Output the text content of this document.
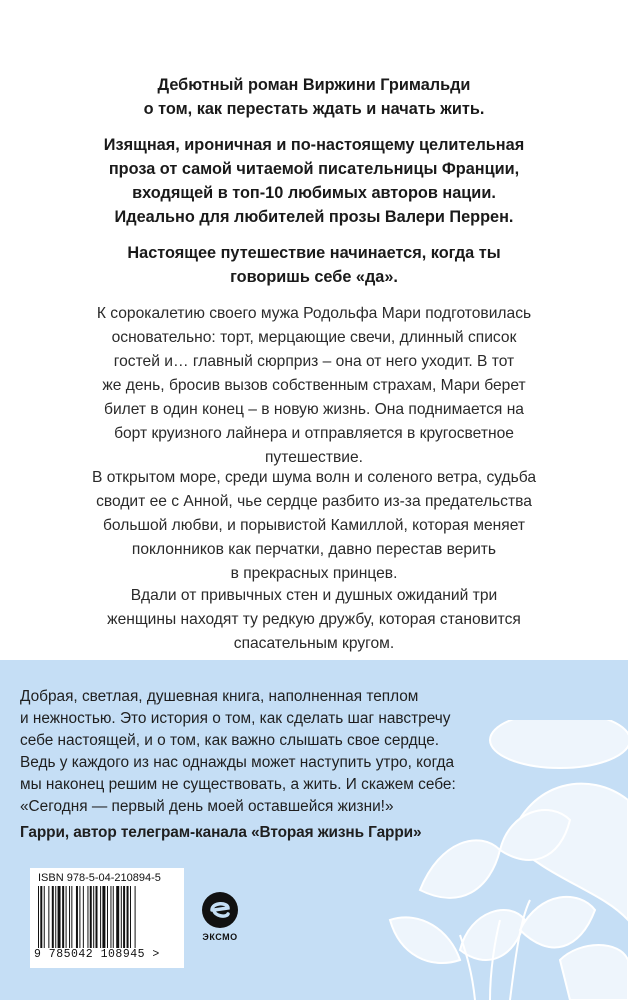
Дебютный роман Виржини Гримальди
о том, как перестать ждать и начать жить.

Изящная, ироничная и по-настоящему целительная
проза от самой читаемой писательницы Франции,
входящей в топ-10 любимых авторов нации.
Идеально для любителей прозы Валери Перрен.

Настоящее путешествие начинается, когда ты
говоришь себе «да».

К сорокалетию своего мужа Родольфа Мари подготовилась
основательно: торт, мерцающие свечи, длинный список
гостей и… главный сюрприз – она от него уходит. В тот
же день, бросив вызов собственным страхам, Мари берет
билет в один конец – в новую жизнь. Она поднимается на
борт круизного лайнера и отправляется в кругосветное
путешествие.

В открытом море, среди шума волн и соленого ветра, судьба
сводит ее с Анной, чье сердце разбито из-за предательства
большой любви, и порывистой Камиллой, которая меняет
поклонников как перчатки, давно перестав верить
в прекрасных принцев.

Вдали от привычных стен и душных ожиданий три
женщины находят ту редкую дружбу, которая становится
спасательным кругом.

Добрая, светлая, душевная книга, наполненная теплом
и нежностью. Это история о том, как сделать шаг навстречу
себе настоящей, и о том, как важно слышать свое сердце.
Ведь у каждого из нас однажды может наступить утро, когда
мы наконец решим не существовать, а жить. И скажем себе:
«Сегодня — первый день моей оставшейся жизни!»

Гарри, автор телеграм-канала «Вторая жизнь Гарри»
ISBN 978-5-04-210894-5
9 785042 108945 >
ЭКСМО
